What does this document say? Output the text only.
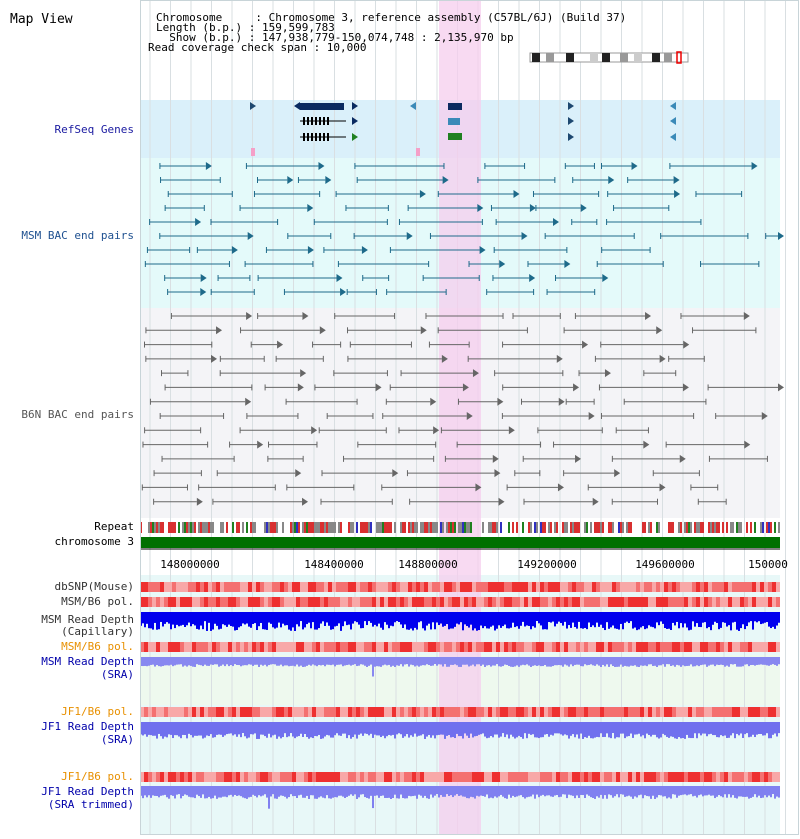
Map View	Chromosome     : Chromosome 3, reference assembly (C57BL/6J) (Build 37)
Length (b.p.) : 159,599,783
Show (b.p.) : 147,938,779-150,074,748 : 2,135,970 bp
Read coverage check span : 10,000
RefSeq Genes
MSM BAC end pairs
B6N BAC end pairs
Repeat
chromosome 3
dbSNP(Mouse)
MSM/B6 pol.
MSM Read Depth
(Capillary)
MSM/B6 pol.
MSM Read Depth
(SRA)
JF1/B6 pol.
JF1 Read Depth
(SRA)
JF1/B6 pol.
JF1 Read Depth
(SRA trimmed)
148000000	148400000	148800000	149200000	149600000	150000
